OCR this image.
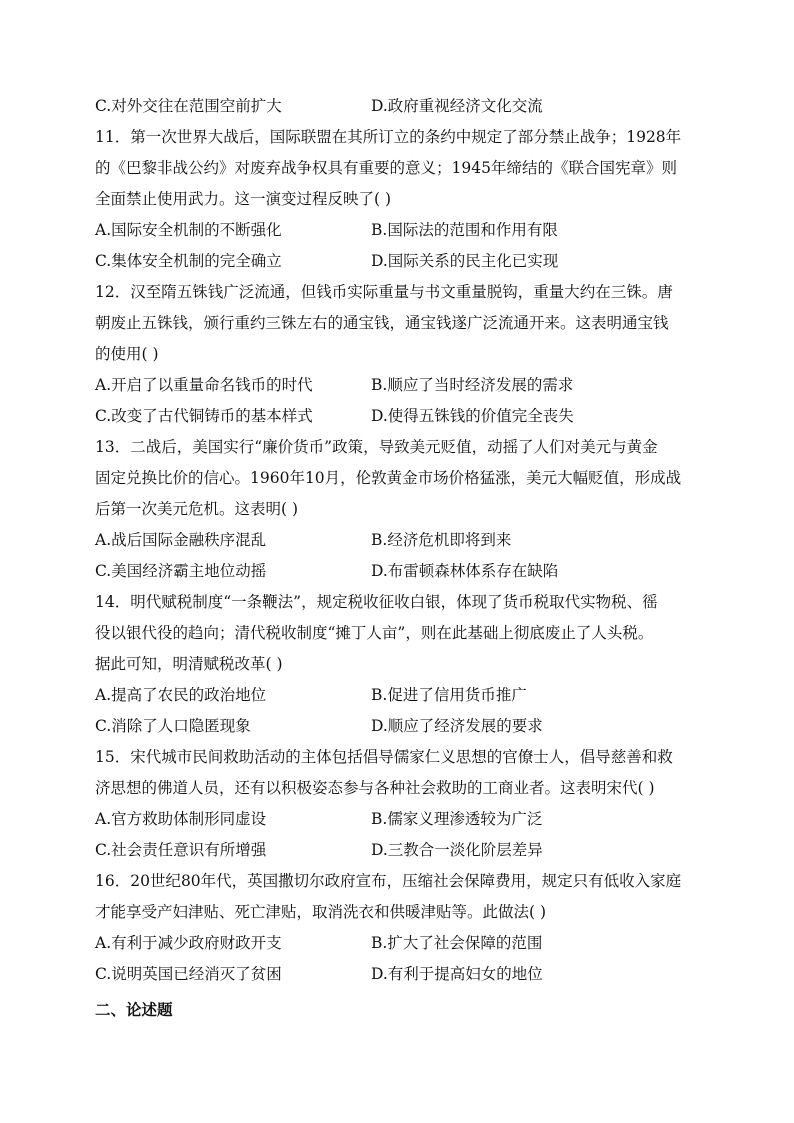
C.对外交往在范围空前扩大	D.政府重视经济文化交流
11．第一次世界大战后，国际联盟在其所订立的条约中规定了部分禁止战争；1928年
的《巴黎非战公约》对废弃战争权具有重要的意义；1945年缔结的《联合国宪章》则
全面禁止使用武力。这一演变过程反映了( )
A.国际安全机制的不断强化	B.国际法的范围和作用有限
C.集体安全机制的完全确立	D.国际关系的民主化已实现
12．汉至隋五铢钱广泛流通，但钱币实际重量与书文重量脱钩，重量大约在三铢。唐
朝废止五铢钱，颁行重约三铢左右的通宝钱，通宝钱遂广泛流通开来。这表明通宝钱
的使用( )
A.开启了以重量命名钱币的时代	B.顺应了当时经济发展的需求
C.改变了古代铜铸币的基本样式	D.使得五铢钱的价值完全丧失
13．二战后，美国实行“廉价货币”政策，导致美元贬值，动摇了人们对美元与黄金
固定兑换比价的信心。1960年10月，伦敦黄金市场价格猛涨，美元大幅贬值，形成战
后第一次美元危机。这表明( )
A.战后国际金融秩序混乱	B.经济危机即将到来
C.美国经济霸主地位动摇	D.布雷顿森林体系存在缺陷
14．明代赋税制度“一条鞭法”，规定税收征收白银，体现了货币税取代实物税、徭
役以银代役的趋向；清代税收制度“摊丁人亩”，则在此基础上彻底废止了人头税。
据此可知，明清赋税改革( )
A.提高了农民的政治地位	B.促进了信用货币推广
C.消除了人口隐匿现象	D.顺应了经济发展的要求
15．宋代城市民间救助活动的主体包括倡导儒家仁义思想的官僚士人，倡导慈善和救
济思想的佛道人员，还有以积极姿态参与各种社会救助的工商业者。这表明宋代( )
A.官方救助体制形同虚设	B.儒家义理渗透较为广泛
C.社会责任意识有所增强	D.三教合一淡化阶层差异
16．20世纪80年代，英国撒切尔政府宣布，压缩社会保障费用，规定只有低收入家庭
才能享受产妇津贴、死亡津贴，取消洗衣和供暖津贴等。此做法( )
A.有利于减少政府财政开支	B.扩大了社会保障的范围
C.说明英国已经消灭了贫困	D.有利于提高妇女的地位
二、论述题
